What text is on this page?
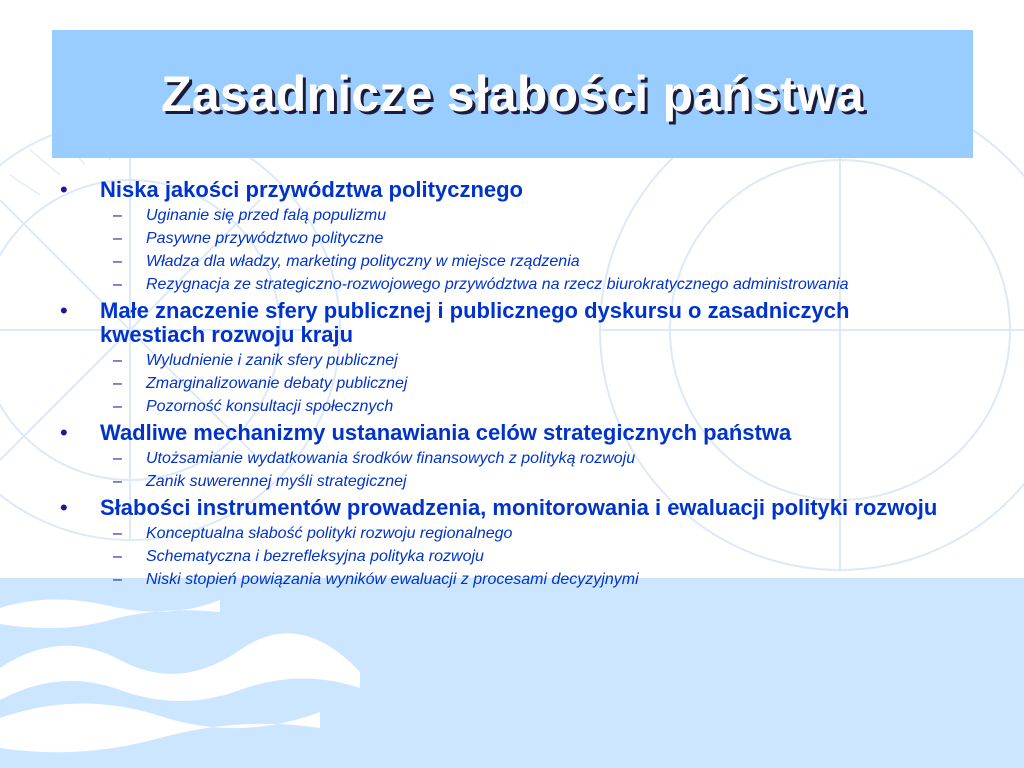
Zasadnicze słabości państwa
• Niska jakości przywództwa politycznego
– Uginanie się przed falą populizmu
– Pasywne przywództwo polityczne
– Władza dla władzy, marketing polityczny w miejsce rządzenia
– Rezygnacja ze strategiczno-rozwojowego przywództwa na rzecz biurokratycznego administrowania
• Małe znaczenie sfery publicznej i publicznego dyskursu o zasadniczych kwestiach rozwoju kraju
– Wyludnienie i zanik sfery publicznej
– Zmarginalizowanie debaty publicznej
– Pozorność konsultacji społecznych
• Wadliwe mechanizmy ustanawiania celów strategicznych państwa
– Utożsamianie wydatkowania środków finansowych z polityką rozwoju
– Zanik suwerennej myśli strategicznej
• Słabości instrumentów prowadzenia, monitorowania i ewaluacji polityki rozwoju
– Konceptualna słabość polityki rozwoju regionalnego
– Schematyczna i bezrefleksyjna polityka rozwoju
– Niski stopień powiązania wyników ewaluacji z procesami decyzyjnymi
